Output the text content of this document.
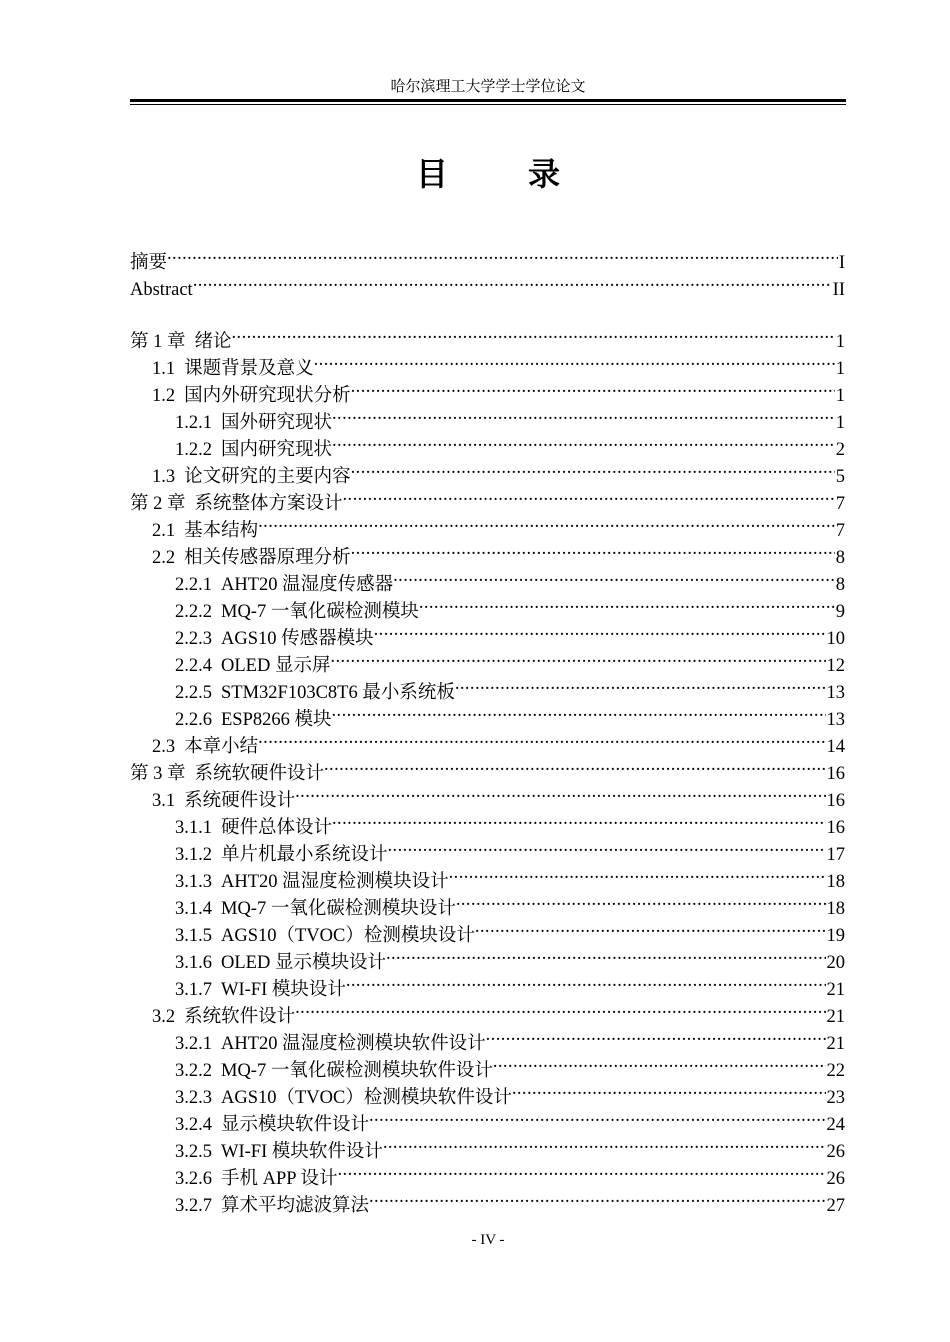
哈尔滨理工大学学士学位论文
目　录
摘要 .....	I
Abstract .....	II
第 1 章 绪论 .....	1
1.1 课题背景及意义 .....	1
1.2 国内外研究现状分析 .....	1
1.2.1 国外研究现状 .....	1
1.2.2 国内研究现状 .....	2
1.3 论文研究的主要内容 .....	5
第 2 章 系统整体方案设计 .....	7
2.1 基本结构 .....	7
2.2 相关传感器原理分析 .....	8
2.2.1 AHT20 温湿度传感器 .....	8
2.2.2 MQ-7 一氧化碳检测模块 .....	9
2.2.3 AGS10 传感器模块 .....	10
2.2.4 OLED 显示屏 .....	12
2.2.5 STM32F103C8T6 最小系统板 .....	13
2.2.6 ESP8266 模块 .....	13
2.3 本章小结 .....	14
第 3 章 系统软硬件设计 .....	16
3.1 系统硬件设计 .....	16
3.1.1 硬件总体设计 .....	16
3.1.2 单片机最小系统设计 .....	17
3.1.3 AHT20 温湿度检测模块设计 .....	18
3.1.4 MQ-7 一氧化碳检测模块设计 .....	18
3.1.5 AGS10（TVOC）检测模块设计 .....	19
3.1.6 OLED 显示模块设计 .....	20
3.1.7 WI-FI 模块设计 .....	21
3.2 系统软件设计 .....	21
3.2.1 AHT20 温湿度检测模块软件设计 .....	21
3.2.2 MQ-7 一氧化碳检测模块软件设计 .....	22
3.2.3 AGS10（TVOC）检测模块软件设计 .....	23
3.2.4 显示模块软件设计 .....	24
3.2.5 WI-FI 模块软件设计 .....	26
3.2.6 手机 APP 设计 .....	26
3.2.7 算术平均滤波算法 .....	27
- IV -
